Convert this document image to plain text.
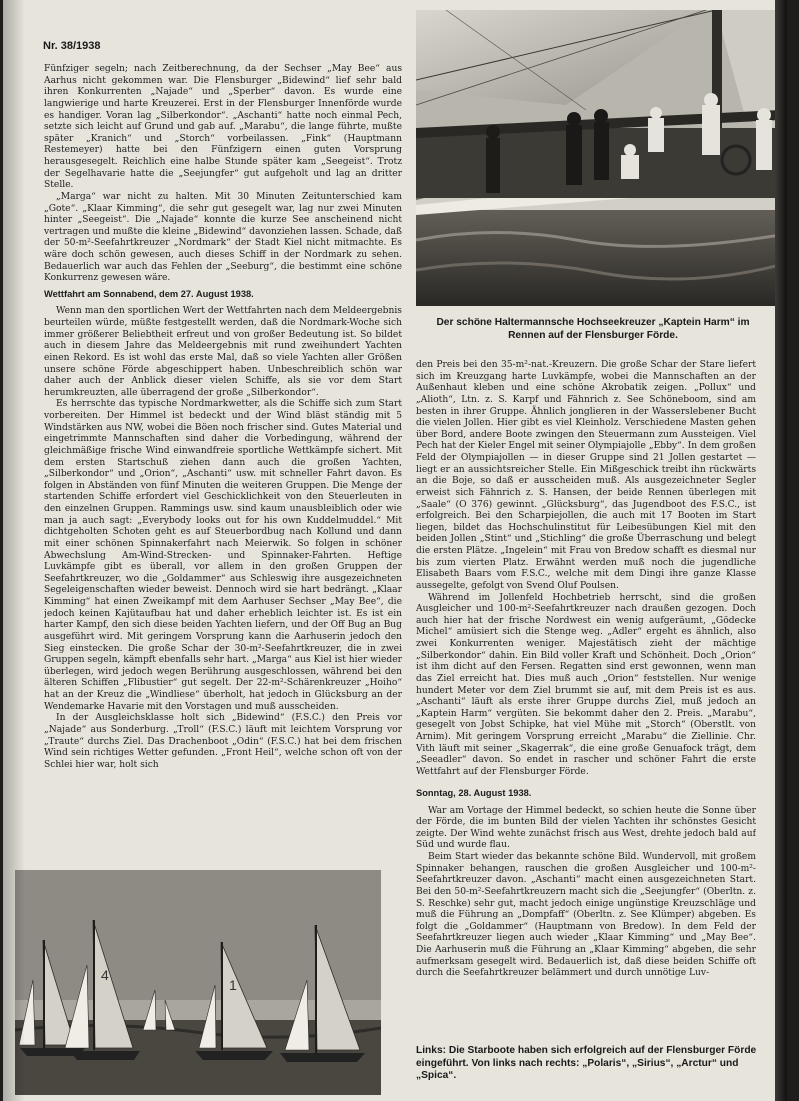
Nr. 38/1938
Der schöne Haltermannsche Hochseekreuzer „Kaptein Harm“ im Rennen auf der Flensburger Förde.

Fünfziger segeln; nach Zeitberechnung, da der Sechser „May Bee“ aus Aarhus nicht gekommen war. Die Flensburger „Bidewind“ lief sehr bald ihren Konkurrenten „Najade“ und „Sperber“ davon. Es wurde eine langwierige und harte Kreuzerei. Erst in der Flensburger Innenförde wurde es handiger. Voran lag „Silberkondor“. „Aschanti“ hatte noch einmal Pech, setzte sich leicht auf Grund und gab auf. „Marabu“, die lange führte, mußte später „Kranich“ und „Storch“ vorbeilassen. „Fink“ (Hauptmann Restemeyer) hatte bei den Fünfzigern einen guten Vorsprung herausgesegelt. Reichlich eine halbe Stunde später kam „Seegeist“. Trotz der Segelhavarie hatte die „Seejungfer“ gut aufgeholt und lag an dritter Stelle.

„Marga“ war nicht zu halten. Mit 30 Minuten Zeitunterschied kam „Gote“. „Klaar Kimming“, die sehr gut gesegelt war, lag nur zwei Minuten hinter „Seegeist“. Die „Najade“ konnte die kurze See anscheinend nicht vertragen und mußte die kleine „Bidewind“ davonziehen lassen. Schade, daß der 50-m²-Seefahrtkreuzer „Nordmark“ der Stadt Kiel nicht mitmachte. Es wäre doch schön gewesen, auch dieses Schiff in der Nordmark zu sehen. Bedauerlich war auch das Fehlen der „Seeburg“, die bestimmt eine schöne Konkurrenz gewesen wäre.

Wettfahrt am Sonnabend, dem 27. August 1938.

Wenn man den sportlichen Wert der Wettfahrten nach dem Meldeergebnis beurteilen würde, müßte festgestellt werden, daß die Nordmark-Woche sich immer größerer Beliebtheit erfreut und von großer Bedeutung ist. So bildet auch in diesem Jahre das Meldeergebnis mit rund zweihundert Yachten einen Rekord. Es ist wohl das erste Mal, daß so viele Yachten aller Größen unsere schöne Förde abgeschippert haben. Unbeschreiblich schön war daher auch der Anblick dieser vielen Schiffe, als sie vor dem Start herumkreuzten, alle überragend der große „Silberkondor“.

Es herrschte das typische Nordmarkwetter, als die Schiffe sich zum Start vorbereiten. Der Himmel ist bedeckt und der Wind bläst ständig mit 5 Windstärken aus NW, wobei die Böen noch frischer sind. Gutes Material und eingetrimmte Mannschaften sind daher die Vorbedingung, während der gleichmäßige frische Wind einwandfreie sportliche Wettkämpfe sichert. Mit dem ersten Startschuß ziehen dann auch die großen Yachten, „Silberkondor“ und „Orion“, „Aschanti“ usw. mit schneller Fahrt davon. Es folgen in Abständen von fünf Minuten die weiteren Gruppen. Die Menge der startenden Schiffe erfordert viel Geschicklichkeit von den Steuerleuten in den einzelnen Gruppen. Rammings usw. sind kaum unausbleiblich oder wie man ja auch sagt: „Everybody looks out for his own Kuddelmuddel.“ Mit dichtgeholten Schoten geht es auf Steuerbordbug nach Kollund und dann mit einer schönen Spinnakerfahrt nach Meierwik. So folgen in schöner Abwechslung Am-Wind-Strecken- und Spinnaker-Fahrten. Heftige Luvkämpfe gibt es überall, vor allem in den großen Gruppen der Seefahrtkreuzer, wo die „Goldammer“ aus Schleswig ihre ausgezeichneten Segeleigenschaften wieder beweist. Dennoch wird sie hart bedrängt. „Klaar Kimming“ hat einen Zweikampf mit dem Aarhuser Sechser „May Bee“, die jedoch keinen Kajütaufbau hat und daher erheblich leichter ist. Es ist ein harter Kampf, den sich diese beiden Yachten liefern, und der Off Bug an Bug ausgeführt wird. Mit geringem Vorsprung kann die Aarhuserin jedoch den Sieg einstecken. Die große Schar der 30-m²-Seefahrtkreuzer, die in zwei Gruppen segeln, kämpft ebenfalls sehr hart. „Marga“ aus Kiel ist hier wieder überlegen, wird jedoch wegen Berührung ausgeschlossen, während bei den älteren Schiffen „Flibustier“ gut segelt. Der 22-m²-Schärenkreuzer „Hoiho“ hat an der Kreuz die „Windliese“ überholt, hat jedoch in Glücksburg an der Wendemarke Havarie mit den Vorstagen und muß ausscheiden.

In der Ausgleichsklasse holt sich „Bidewind“ (F.S.C.) den Preis vor „Najade“ aus Sonderburg. „Troll“ (F.S.C.) läuft mit leichtem Vorsprung vor „Traute“ durchs Ziel. Das Drachenboot „Odin“ (F.S.C.) hat bei dem frischen Wind sein richtiges Wetter gefunden. „Front Heil“, welche schon oft von der Schlei hier war, holt sich

den Preis bei den 35-m²-nat.-Kreuzern. Die große Schar der Stare liefert sich im Kreuzgang harte Luvkämpfe, wobei die Mannschaften an der Außenhaut kleben und eine schöne Akrobatik zeigen. „Pollux“ und „Alioth“, Ltn. z. S. Karpf und Fähnrich z. See Schöneboom, sind am besten in ihrer Gruppe. Ähnlich jonglieren in der Wasserslebener Bucht die vielen Jollen. Hier gibt es viel Kleinholz. Verschiedene Masten gehen über Bord, andere Boote zwingen den Steuermann zum Aussteigen. Viel Pech hat der Kieler Engel mit seiner Olympiajolle „Ebby“. In dem großen Feld der Olympiajollen — in dieser Gruppe sind 21 Jollen gestartet — liegt er an aussichtsreicher Stelle. Ein Mißgeschick treibt ihn rückwärts an die Boje, so daß er ausscheiden muß. Als ausgezeichneter Segler erweist sich Fähnrich z. S. Hansen, der beide Rennen überlegen mit „Saale“ (O 376) gewinnt. „Glücksburg“, das Jugendboot des F.S.C., ist erfolgreich. Bei den Scharpiejollen, die auch mit 17 Booten im Start liegen, bildet das Hochschulinstitut für Leibesübungen Kiel mit den beiden Jollen „Stint“ und „Stichling“ die große Überraschung und belegt die ersten Plätze. „Ingelein“ mit Frau von Bredow schafft es diesmal nur bis zum vierten Platz. Erwähnt werden muß noch die jugendliche Elisabeth Baars vom F.S.C., welche mit dem Dingi ihre ganze Klasse aussegelte, gefolgt von Svend Oluf Poulsen.

Während im Jollenfeld Hochbetrieb herrscht, sind die großen Ausgleicher und 100-m²-Seefahrtkreuzer nach draußen gezogen. Doch auch hier hat der frische Nordwest ein wenig aufgeräumt, „Gödecke Michel“ amüsiert sich die Stenge weg. „Adler“ ergeht es ähnlich, also zwei Konkurrenten weniger. Majestätisch zieht der mächtige „Silberkondor“ dahin. Ein Bild voller Kraft und Schönheit. Doch „Orion“ ist ihm dicht auf den Fersen. Regatten sind erst gewonnen, wenn man das Ziel erreicht hat. Dies muß auch „Orion“ feststellen. Nur wenige hundert Meter vor dem Ziel brummt sie auf, mit dem Preis ist es aus. „Aschanti“ läuft als erste ihrer Gruppe durchs Ziel, muß jedoch an „Kaptein Harm“ vergüten. Sie bekommt daher den 2. Preis. „Marabu“, gesegelt von Jobst Schipke, hat viel Mühe mit „Storch“ (Oberstlt. von Arnim). Mit geringem Vorsprung erreicht „Marabu“ die Ziellinie. Chr. Vith läuft mit seiner „Skagerrak“, die eine große Genuafock trägt, dem „Seeadler“ davon. So endet in rascher und schöner Fahrt die erste Wettfahrt auf der Flensburger Förde.

Sonntag, 28. August 1938.

War am Vortage der Himmel bedeckt, so schien heute die Sonne über der Förde, die im bunten Bild der vielen Yachten ihr schönstes Gesicht zeigte. Der Wind wehte zunächst frisch aus West, drehte jedoch bald auf Süd und wurde flau.

Beim Start wieder das bekannte schöne Bild. Wundervoll, mit großem Spinnaker behangen, rauschen die großen Ausgleicher und 100-m²-Seefahrtkreuzer davon. „Aschanti“ macht einen ausgezeichneten Start. Bei den 50-m²-Seefahrtkreuzern macht sich die „Seejungfer“ (Oberltn. z. S. Reschke) sehr gut, macht jedoch einige ungünstige Kreuzschläge und muß die Führung an „Dompfaff“ (Oberltn. z. See Klümper) abgeben. Es folgt die „Goldammer“ (Hauptmann von Bredow). In dem Feld der Seefahrtkreuzer liegen auch wieder „Klaar Kimming“ und „May Bee“. Die Aarhuserin muß die Führung an „Klaar Kimming“ abgeben, die sehr aufmerksam gesegelt wird. Bedauerlich ist, daß diese beiden Schiffe oft durch die Seefahrtkreuzer belämmert und durch unnötige Luv-

4
1
Links: Die Starboote haben sich erfolgreich auf der Flensburger Förde eingeführt. Von links nach rechts: „Polaris“, „Sirius“, „Arctur“ und „Spica“.
